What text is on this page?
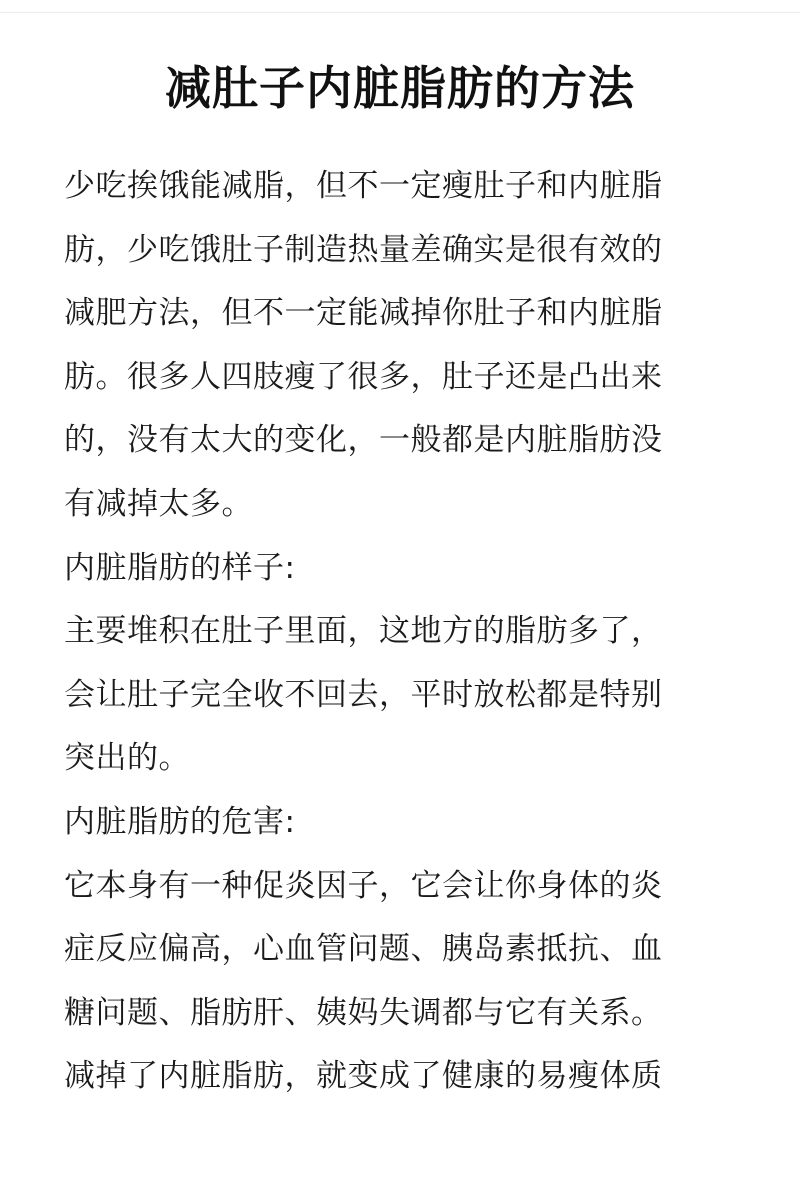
减肚子内脏脂肪的方法

少吃挨饿能减脂，但不一定瘦肚子和内脏脂

肪，少吃饿肚子制造热量差确实是很有效的

减肥方法，但不一定能减掉你肚子和内脏脂

肪。很多人四肢瘦了很多，肚子还是凸出来

的，没有太大的变化，一般都是内脏脂肪没

有减掉太多。

内脏脂肪的样子:

主要堆积在肚子里面，这地方的脂肪多了，

会让肚子完全收不回去，平时放松都是特别

突出的。

内脏脂肪的危害:

它本身有一种促炎因子，它会让你身体的炎

症反应偏高，心血管问题、胰岛素抵抗、血

糖问题、脂肪肝、姨妈失调都与它有关系。

减掉了内脏脂肪，就变成了健康的易瘦体质
